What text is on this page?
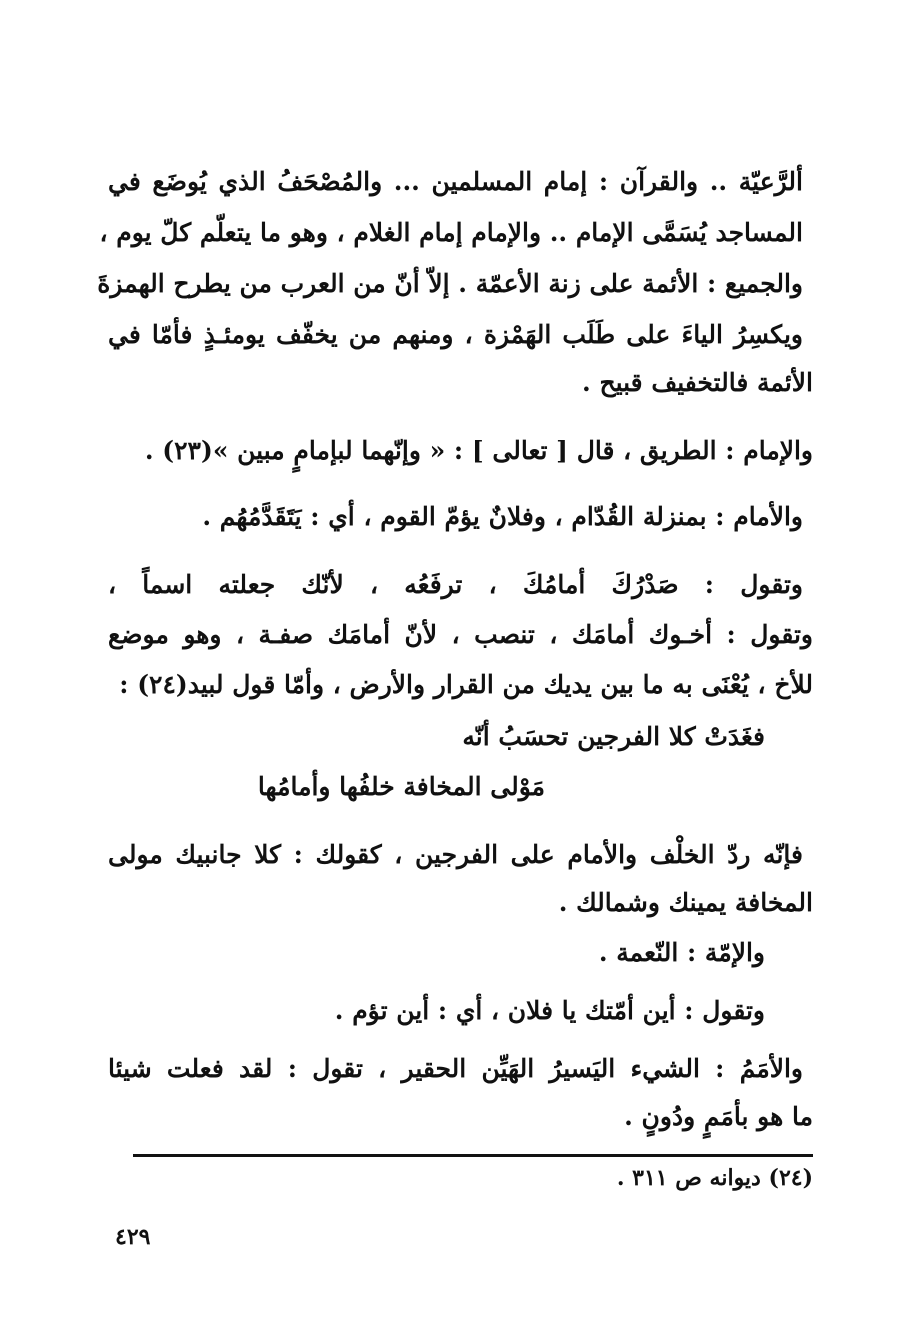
ألرَّعيّة .. والقرآن : إمام المسلمين ... والمُصْحَفُ الذي يُوضَع في
المساجد يُسَمَّى الإمام .. والإمام إمام الغلام ، وهو ما يتعلّم كلّ يوم ،
والجميع : الأئمة على زنة الأعمّة . إلاّ أنّ من العرب من يطرح الهمزةَ
ويكسِرُ الياءَ على طَلَب الهَمْزة ، ومنهم من يخفّف يومئـذٍ فأمّا في
الأئمة فالتخفيف قبيح .
والإمام : الطريق ، قال [ تعالى ] : « وإنّهما لبإمامٍ مبين »(٢٣) .
والأمام : بمنزلة القُدّام ، وفلانٌ يؤمّ القوم ، أي : يَتَقَدَّمُهُم .
وتقول : صَدْرُكَ أمامُكَ ، ترفَعُه ، لأنّك جعلته اسماً ،
وتقول : أخـوك أمامَك ، تنصب ، لأنّ أمامَك صفـة ، وهو موضع
للأخ ، يُعْنَى به ما بين يديك من القرار والأرض ، وأمّا قول لبيد(٢٤) :
فغَدَتْ كلا الفرجين تحسَبُ أنّه
مَوْلى المخافة خلفُها وأمامُها
فإنّه ردّ الخلْف والأمام على الفرجين ، كقولك : كلا جانبيك مولى
المخافة يمينك وشمالك .
والإمّة : النّعمة .
وتقول : أين أمّتك يا فلان ، أي : أين تؤم .
والأمَمُ : الشيء اليَسيرُ الهَيِّن الحقير ، تقول : لقد فعلت شيئا
ما هو بأمَمٍ ودُونٍ .
(٢٤) ديوانه ص ٣١١ .
٤٢٩
